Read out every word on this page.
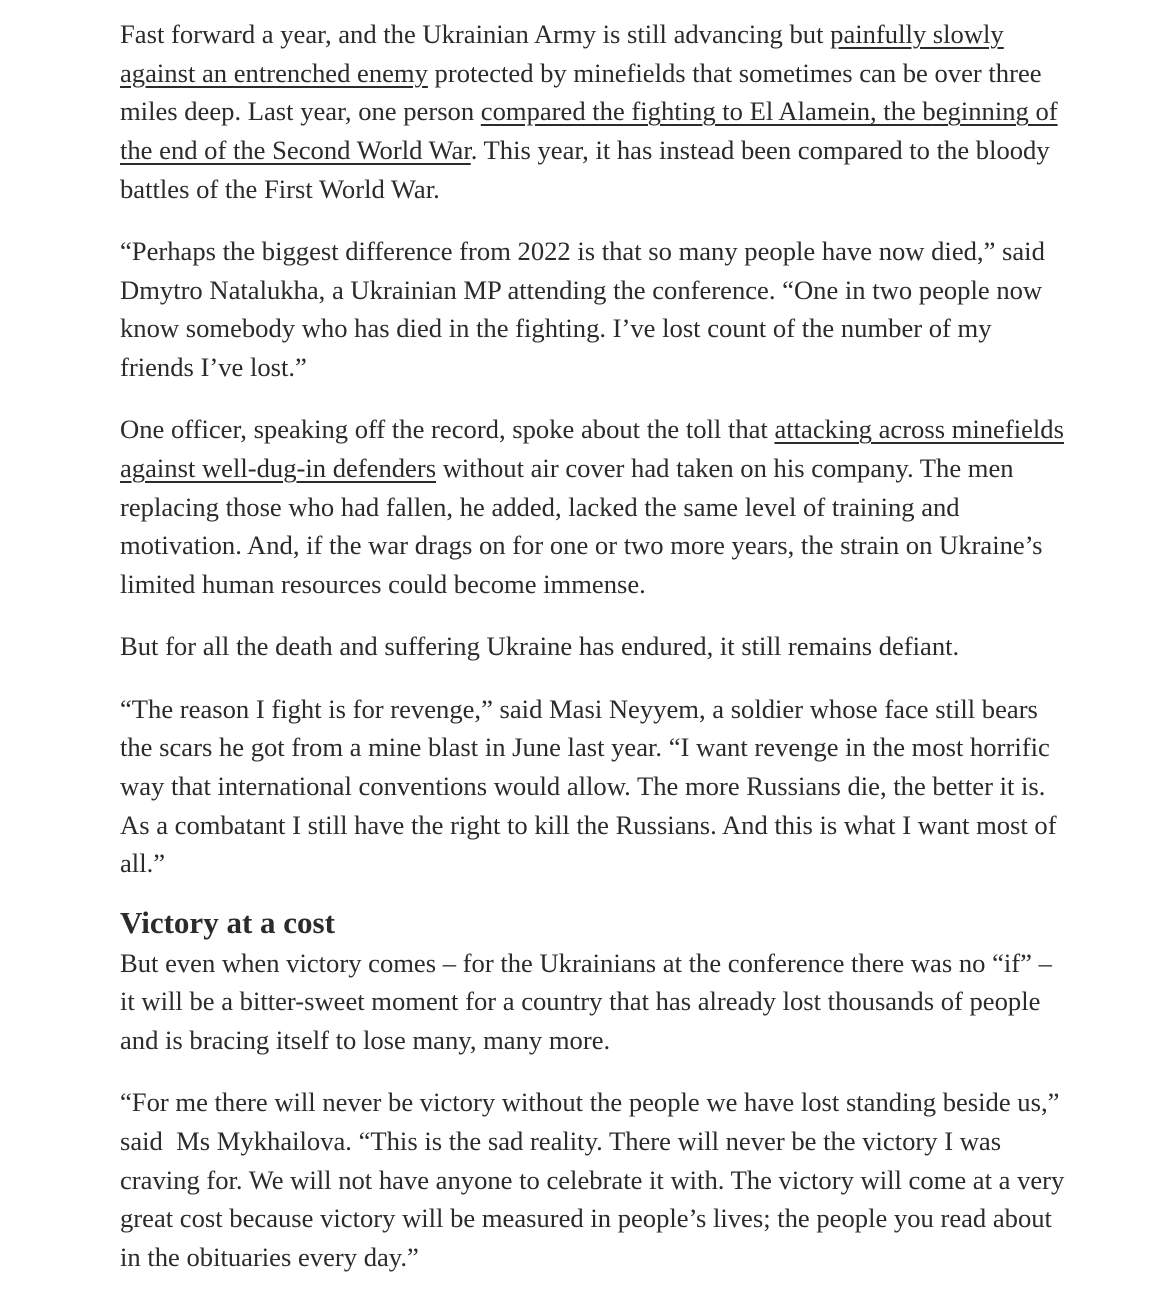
Fast forward a year, and the Ukrainian Army is still advancing but painfully slowly against an entrenched enemy protected by minefields that sometimes can be over three miles deep. Last year, one person compared the fighting to El Alamein, the beginning of the end of the Second World War. This year, it has instead been compared to the bloody battles of the First World War.

“Perhaps the biggest difference from 2022 is that so many people have now died,” said Dmytro Natalukha, a Ukrainian MP attending the conference. “One in two people now know somebody who has died in the fighting. I’ve lost count of the number of my friends I’ve lost.”

One officer, speaking off the record, spoke about the toll that attacking across minefields against well-dug-in defenders without air cover had taken on his company. The men replacing those who had fallen, he added, lacked the same level of training and motivation. And, if the war drags on for one or two more years, the strain on Ukraine’s limited human resources could become immense.

But for all the death and suffering Ukraine has endured, it still remains defiant.

“The reason I fight is for revenge,” said Masi Neyyem, a soldier whose face still bears the scars he got from a mine blast in June last year. “I want revenge in the most horrific way that international conventions would allow. The more Russians die, the better it is. As a combatant I still have the right to kill the Russians. And this is what I want most of all.”

Victory at a cost

But even when victory comes – for the Ukrainians at the conference there was no “if” – it will be a bitter-sweet moment for a country that has already lost thousands of people and is bracing itself to lose many, many more.

“For me there will never be victory without the people we have lost standing beside us,” said  Ms Mykhailova. “This is the sad reality. There will never be the victory I was craving for. We will not have anyone to celebrate it with. The victory will come at a very great cost because victory will be measured in people’s lives; the people you read about in the obituaries every day.”
